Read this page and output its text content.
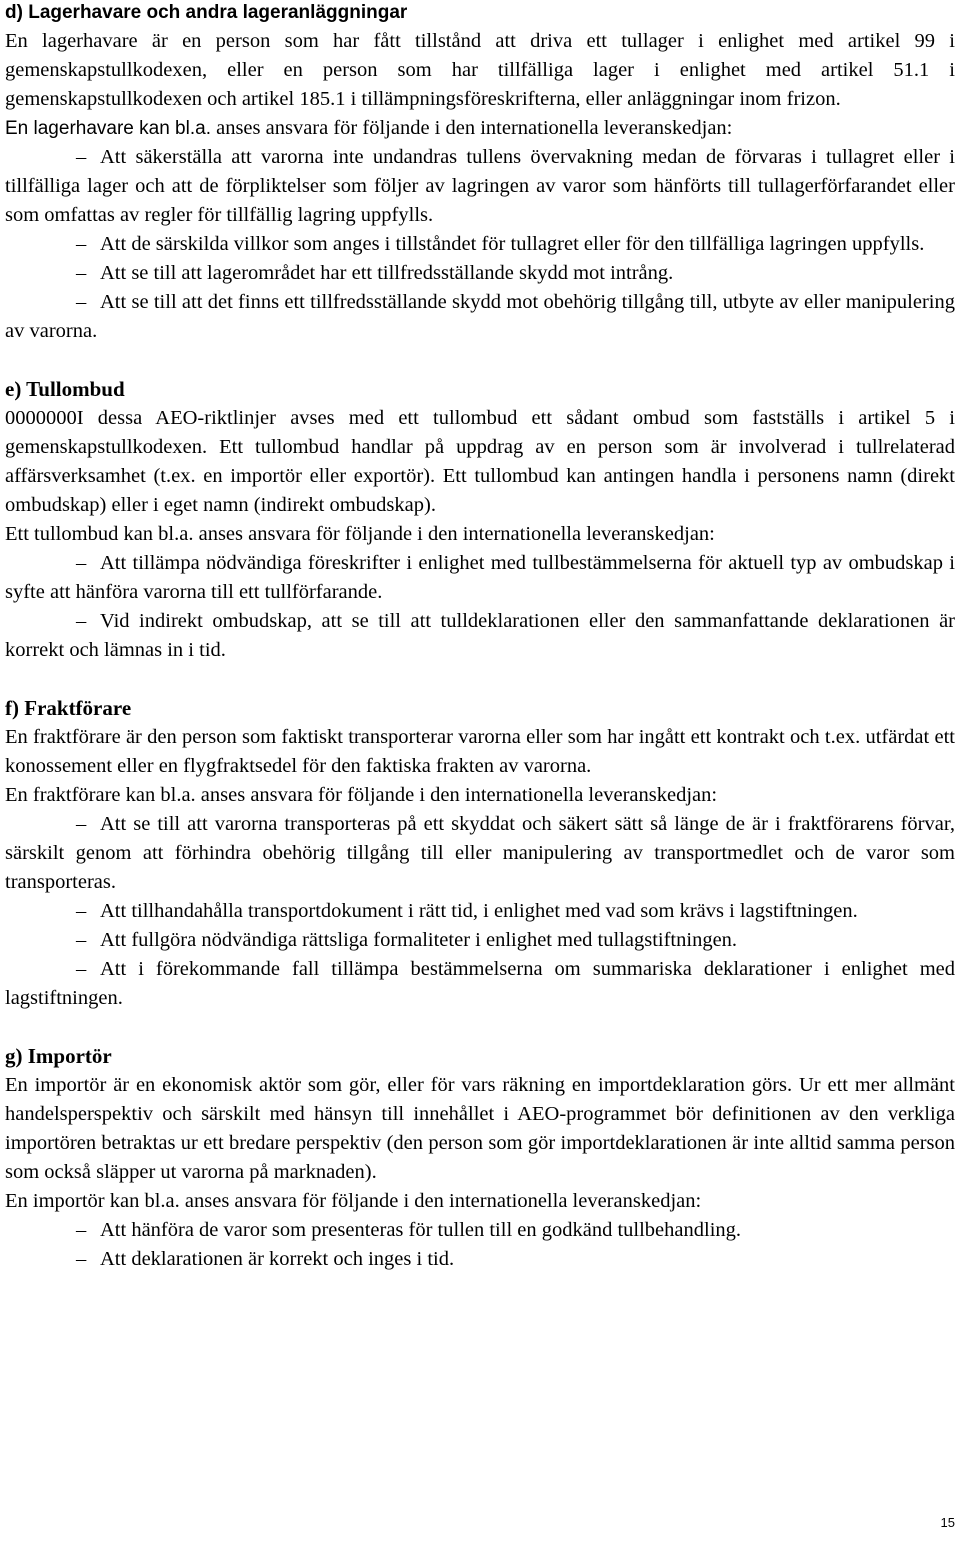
d) Lagerhavare och andra lageranläggningar

En lagerhavare är en person som har fått tillstånd att driva ett tullager i enlighet med artikel 99 i gemenskapstullkodexen, eller en person som har tillfälliga lager i enlighet med artikel 51.1 i gemenskapstullkodexen och artikel 185.1 i tillämpningsföreskrifterna, eller anläggningar inom frizon.

En lagerhavare kan bl.a. anses ansvara för följande i den internationella leveranskedjan:

– Att säkerställa att varorna inte undandras tullens övervakning medan de förvaras i tullagret eller i tillfälliga lager och att de förpliktelser som följer av lagringen av varor som hänförts till tullagerförfarandet eller som omfattas av regler för tillfällig lagring uppfylls.

– Att de särskilda villkor som anges i tillståndet för tullagret eller för den tillfälliga lagringen uppfylls.

– Att se till att lagerområdet har ett tillfredsställande skydd mot intrång.

– Att se till att det finns ett tillfredsställande skydd mot obehörig tillgång till, utbyte av eller manipulering av varorna.

e) Tullombud

0000000I dessa AEO-riktlinjer avses med ett tullombud ett sådant ombud som fastställs i artikel 5 i gemenskapstullkodexen. Ett tullombud handlar på uppdrag av en person som är involverad i tullrelaterad affärsverksamhet (t.ex. en importör eller exportör). Ett tullombud kan antingen handla i personens namn (direkt ombudskap) eller i eget namn (indirekt ombudskap).

Ett tullombud kan bl.a. anses ansvara för följande i den internationella leveranskedjan:

– Att tillämpa nödvändiga föreskrifter i enlighet med tullbestämmelserna för aktuell typ av ombudskap i syfte att hänföra varorna till ett tullförfarande.

– Vid indirekt ombudskap, att se till att tulldeklarationen eller den sammanfattande deklarationen är korrekt och lämnas in i tid.

f) Fraktförare

En fraktförare är den person som faktiskt transporterar varorna eller som har ingått ett kontrakt och t.ex. utfärdat ett konossement eller en flygfraktsedel för den faktiska frakten av varorna.

En fraktförare kan bl.a. anses ansvara för följande i den internationella leveranskedjan:

– Att se till att varorna transporteras på ett skyddat och säkert sätt så länge de är i fraktförarens förvar, särskilt genom att förhindra obehörig tillgång till eller manipulering av transportmedlet och de varor som transporteras.

– Att tillhandahålla transportdokument i rätt tid, i enlighet med vad som krävs i lagstiftningen.

– Att fullgöra nödvändiga rättsliga formaliteter i enlighet med tullagstiftningen.

– Att i förekommande fall tillämpa bestämmelserna om summariska deklarationer i enlighet med lagstiftningen.

g) Importör

En importör är en ekonomisk aktör som gör, eller för vars räkning en importdeklaration görs. Ur ett mer allmänt handelsperspektiv och särskilt med hänsyn till innehållet i AEO-programmet bör definitionen av den verkliga importören betraktas ur ett bredare perspektiv (den person som gör importdeklarationen är inte alltid samma person som också släpper ut varorna på marknaden).

En importör kan bl.a. anses ansvara för följande i den internationella leveranskedjan:

– Att hänföra de varor som presenteras för tullen till en godkänd tullbehandling.

– Att deklarationen är korrekt och inges i tid.

15
